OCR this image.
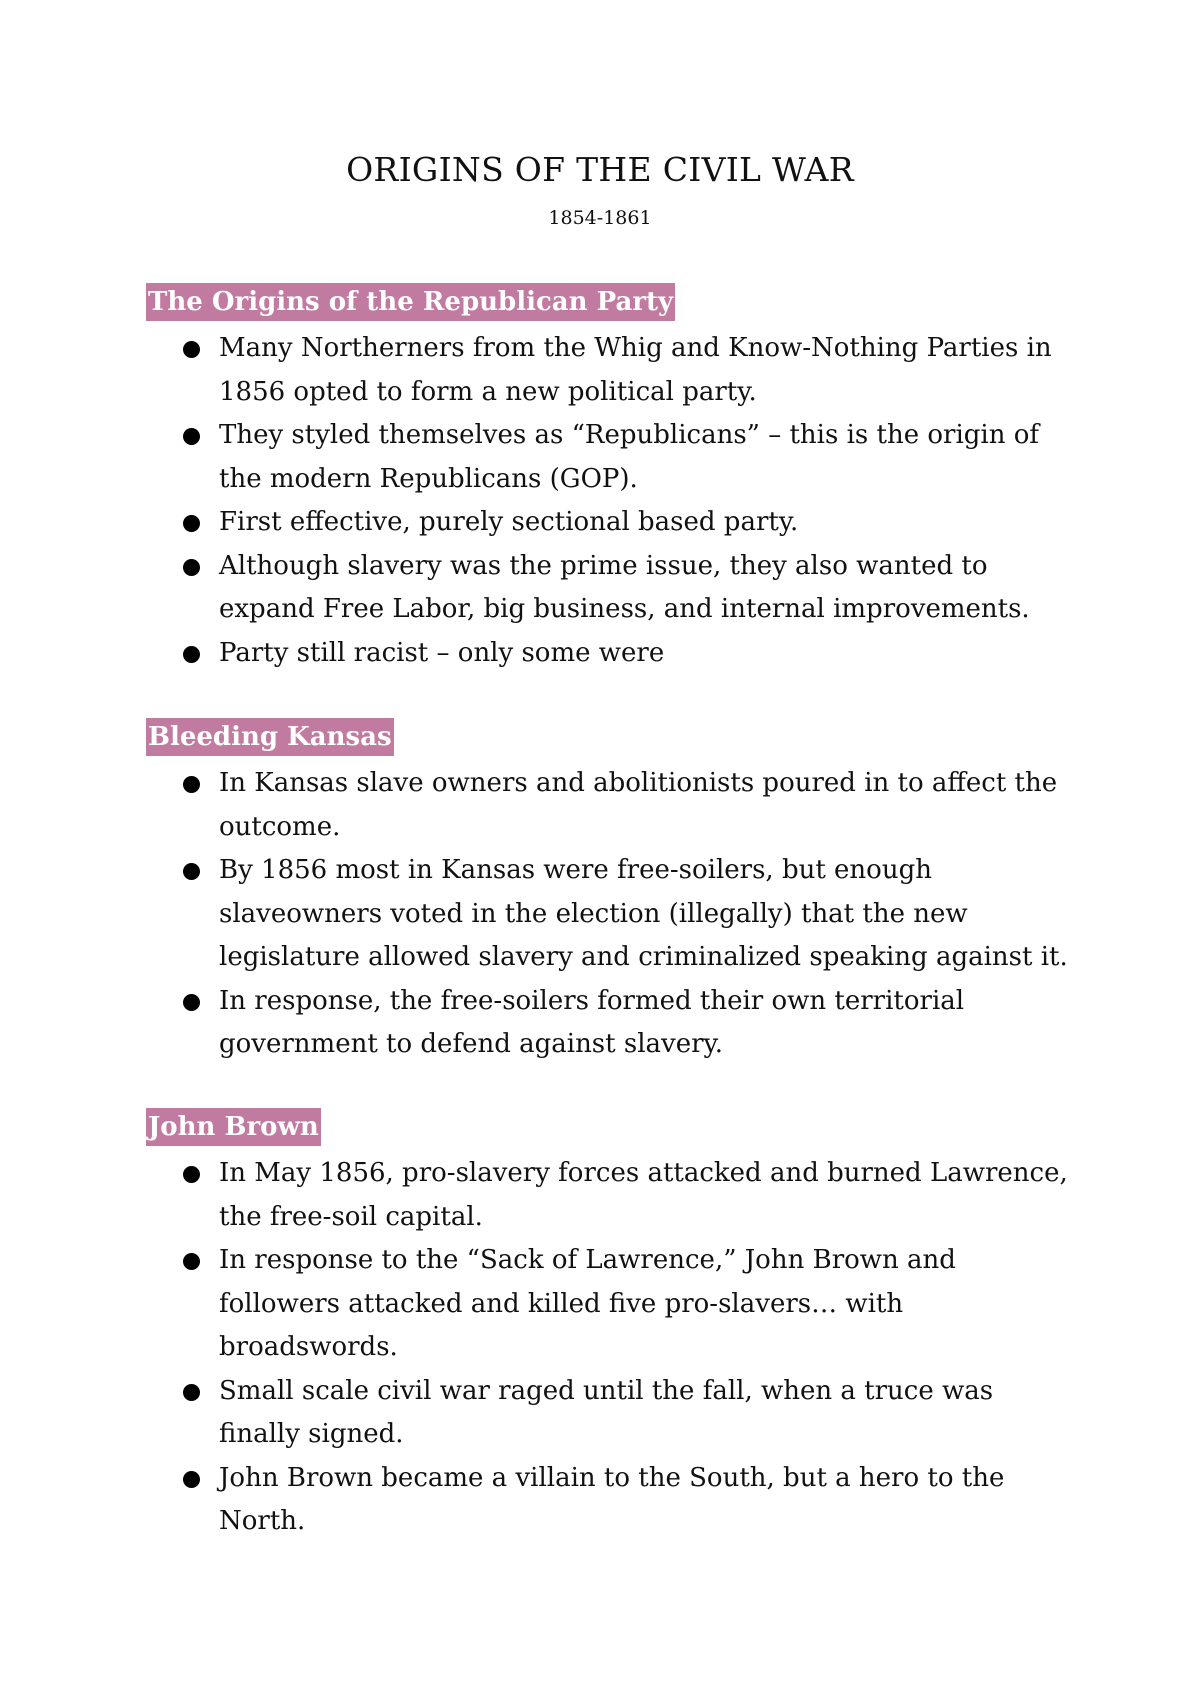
ORIGINS OF THE CIVIL WAR

1854-1861

The Origins of the Republican Party
Many Northerners from the Whig and Know-Nothing Parties in 1856 opted to form a new political party.
They styled themselves as “Republicans” – this is the origin of the modern Republicans (GOP).
First effective, purely sectional based party.
Although slavery was the prime issue, they also wanted to expand Free Labor, big business, and internal improvements.
Party still racist – only some were
Bleeding Kansas
In Kansas slave owners and abolitionists poured in to affect the outcome.
By 1856 most in Kansas were free-soilers, but enough slaveowners voted in the election (illegally) that the new legislature allowed slavery and criminalized speaking against it.
In response, the free-soilers formed their own territorial government to defend against slavery.
John Brown
In May 1856, pro-slavery forces attacked and burned Lawrence, the free-soil capital.
In response to the “Sack of Lawrence,” John Brown and followers attacked and killed five pro-slavers… with broadswords.
Small scale civil war raged until the fall, when a truce was finally signed.
John Brown became a villain to the South, but a hero to the North.
